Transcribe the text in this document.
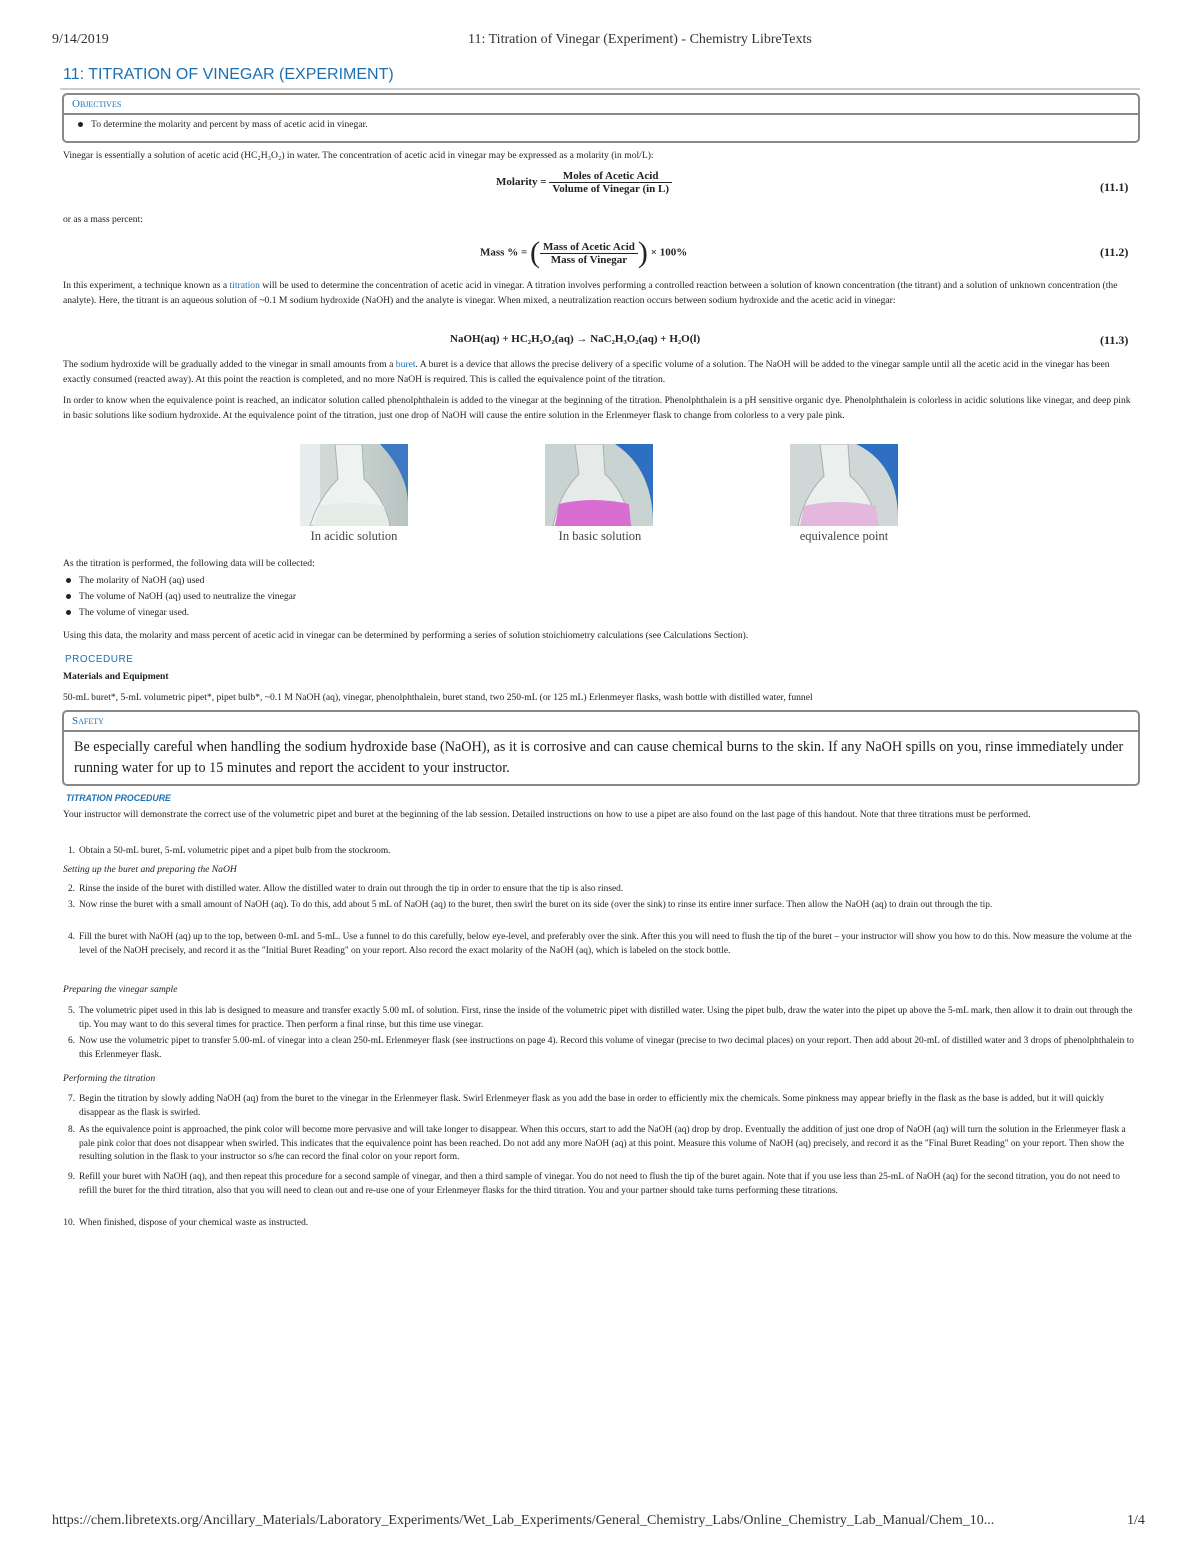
9/14/2019	11: Titration of Vinegar (Experiment) - Chemistry LibreTexts
11: TITRATION OF VINEGAR (EXPERIMENT)
Objectives
To determine the molarity and percent by mass of acetic acid in vinegar.
Vinegar is essentially a solution of acetic acid (HC₂H₃O₂) in water. The concentration of acetic acid in vinegar may be expressed as a molarity (in mol/L):
Molarity = $\frac{\text{Moles of Acetic Acid}}{\text{Volume of Vinegar (in L)}}$	(11.1)
or as a mass percent:
Mass % = ( $\frac{\text{Mass of Acetic Acid}}{\text{Mass of Vinegar}}$ ) × 100%	(11.2)
In this experiment, a technique known as a titration will be used to determine the concentration of acetic acid in vinegar. A titration involves performing a controlled reaction between a solution of known concentration (the titrant) and a solution of unknown concentration (the analyte). Here, the titrant is an aqueous solution of ~0.1 M sodium hydroxide (NaOH) and the analyte is vinegar. When mixed, a neutralization reaction occurs between sodium hydroxide and the acetic acid in vinegar:
NaOH(aq) + HC₂H₃O₂(aq) → NaC₂H₃O₂(aq) + H₂O(l)	(11.3)
The sodium hydroxide will be gradually added to the vinegar in small amounts from a buret. A buret is a device that allows the precise delivery of a specific volume of a solution. The NaOH will be added to the vinegar sample until all the acetic acid in the vinegar has been exactly consumed (reacted away). At this point the reaction is completed, and no more NaOH is required. This is called the equivalence point of the titration.
In order to know when the equivalence point is reached, an indicator solution called phenolphthalein is added to the vinegar at the beginning of the titration. Phenolphthalein is a pH sensitive organic dye. Phenolphthalein is colorless in acidic solutions like vinegar, and deep pink in basic solutions like sodium hydroxide. At the equivalence point of the titration, just one drop of NaOH will cause the entire solution in the Erlenmeyer flask to change from colorless to a very pale pink.
In acidic solution	In basic solution	equivalence point
As the titration is performed, the following data will be collected:
The molarity of NaOH (aq) used
The volume of NaOH (aq) used to neutralize the vinegar
The volume of vinegar used.
Using this data, the molarity and mass percent of acetic acid in vinegar can be determined by performing a series of solution stoichiometry calculations (see Calculations Section).
PROCEDURE
Materials and Equipment
50-mL buret*, 5-mL volumetric pipet*, pipet bulb*, ~0.1 M NaOH (aq), vinegar, phenolphthalein, buret stand, two 250-mL (or 125 mL) Erlenmeyer flasks, wash bottle with distilled water, funnel
Safety
Be especially careful when handling the sodium hydroxide base (NaOH), as it is corrosive and can cause chemical burns to the skin. If any NaOH spills on you, rinse immediately under running water for up to 15 minutes and report the accident to your instructor.
TITRATION PROCEDURE
Your instructor will demonstrate the correct use of the volumetric pipet and buret at the beginning of the lab session. Detailed instructions on how to use a pipet are also found on the last page of this handout. Note that three titrations must be performed.
1. Obtain a 50-mL buret, 5-mL volumetric pipet and a pipet bulb from the stockroom.
Setting up the buret and preparing the NaOH
2. Rinse the inside of the buret with distilled water. Allow the distilled water to drain out through the tip in order to ensure that the tip is also rinsed.
3. Now rinse the buret with a small amount of NaOH (aq). To do this, add about 5 mL of NaOH (aq) to the buret, then swirl the buret on its side (over the sink) to rinse its entire inner surface. Then allow the NaOH (aq) to drain out through the tip.
4. Fill the buret with NaOH (aq) up to the top, between 0-mL and 5-mL. Use a funnel to do this carefully, below eye-level, and preferably over the sink. After this you will need to flush the tip of the buret – your instructor will show you how to do this. Now measure the volume at the level of the NaOH precisely, and record it as the "Initial Buret Reading" on your report. Also record the exact molarity of the NaOH (aq), which is labeled on the stock bottle.
Preparing the vinegar sample
5. The volumetric pipet used in this lab is designed to measure and transfer exactly 5.00 mL of solution. First, rinse the inside of the volumetric pipet with distilled water. Using the pipet bulb, draw the water into the pipet up above the 5-mL mark, then allow it to drain out through the tip. You may want to do this several times for practice. Then perform a final rinse, but this time use vinegar.
6. Now use the volumetric pipet to transfer 5.00-mL of vinegar into a clean 250-mL Erlenmeyer flask (see instructions on page 4). Record this volume of vinegar (precise to two decimal places) on your report. Then add about 20-mL of distilled water and 3 drops of phenolphthalein to this Erlenmeyer flask.
Performing the titration
7. Begin the titration by slowly adding NaOH (aq) from the buret to the vinegar in the Erlenmeyer flask. Swirl Erlenmeyer flask as you add the base in order to efficiently mix the chemicals. Some pinkness may appear briefly in the flask as the base is added, but it will quickly disappear as the flask is swirled.
8. As the equivalence point is approached, the pink color will become more pervasive and will take longer to disappear. When this occurs, start to add the NaOH (aq) drop by drop. Eventually the addition of just one drop of NaOH (aq) will turn the solution in the Erlenmeyer flask a pale pink color that does not disappear when swirled. This indicates that the equivalence point has been reached. Do not add any more NaOH (aq) at this point. Measure this volume of NaOH (aq) precisely, and record it as the "Final Buret Reading" on your report. Then show the resulting solution in the flask to your instructor so s/he can record the final color on your report form.
9. Refill your buret with NaOH (aq), and then repeat this procedure for a second sample of vinegar, and then a third sample of vinegar. You do not need to flush the tip of the buret again. Note that if you use less than 25-mL of NaOH (aq) for the second titration, you do not need to refill the buret for the third titration, also that you will need to clean out and re-use one of your Erlenmeyer flasks for the third titration. You and your partner should take turns performing these titrations.
10. When finished, dispose of your chemical waste as instructed.
https://chem.libretexts.org/Ancillary_Materials/Laboratory_Experiments/Wet_Lab_Experiments/General_Chemistry_Labs/Online_Chemistry_Lab_Manual/Chem_10...	1/4
